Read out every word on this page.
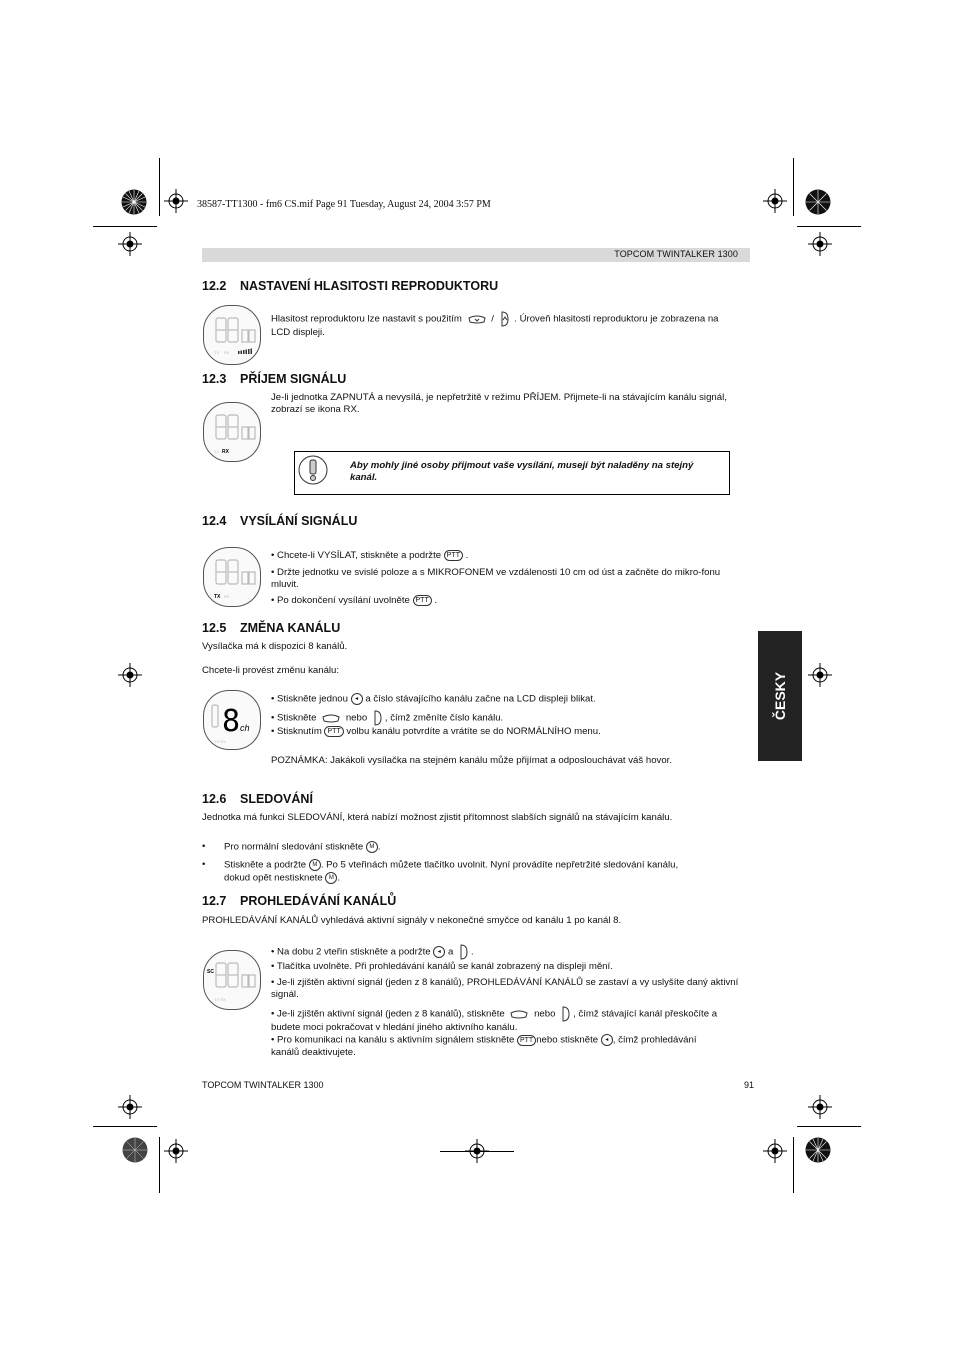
38587-TT1300 - fm6 CS.mif Page 91 Tuesday, August 24, 2004 3:57 PM
TOPCOM TWINTALKER 1300
12.2 NASTAVENÍ HLASITOSTI REPRODUKTORU
TX RX
Hlasitost reproduktoru lze nastavit s použitím	/ . Úroveň hlasitosti reproduktoru je zobrazena na
LCD displeji.
12.3 PŘÍJEM SIGNÁLU
TX RX
Je-li jednotka ZAPNUTÁ a nevysílá, je nepřetržitě v režimu PŘÍJEM. Přijmete-li na stávajícím kanálu signál, zobrazí se ikona RX.
Aby mohly jiné osoby přijmout vaše vysílání, musejí být naladěny na stejný kanál.
12.4 VYSÍLÁNÍ SIGNÁLU
TX RX
• Chcete-li VYSÍLAT, stiskněte a podržte PTT .
• Držte jednotku ve svislé poloze a s MIKROFONEM ve vzdálenosti 10 cm od úst a začněte do mikro-fonu mluvit.
• Po dokončení vysílání uvolněte PTT .
ČESKY
12.5 ZMĚNA KANÁLU
Vysílačka má k dispozici 8 kanálů.
Chcete-li provést změnu kanálu:
8 ch
TX RX
• Stiskněte jednou ◂ a číslo stávajícího kanálu začne na LCD displeji blikat.
• Stiskněte	nebo , čímž změníte číslo kanálu.
• Stisknutím PTT volbu kanálu potvrdíte a vrátíte se do NORMÁLNÍHO menu.
POZNÁMKA: Jakákoli vysílačka na stejném kanálu může přijímat a odposlouchávat váš hovor.
12.6 SLEDOVÁNÍ
Jednotka má funkci SLEDOVÁNÍ, která nabízí možnost zjistit přítomnost slabších signálů na stávajícím kanálu.
• Pro normální sledování stiskněte M .
• Stiskněte a podržte M . Po 5 vteřinách můžete tlačítko uvolnit. Nyní provádíte nepřetržité sledování kanálu,
dokud opět nestisknete M .
12.7 PROHLEDÁVÁNÍ KANÁLŮ
PROHLEDÁVÁNÍ KANÁLŮ vyhledává aktivní signály v nekonečné smyčce od kanálu 1 po kanál 8.
SC
TX RX
• Na dobu 2 vteřin stiskněte a podržte ◂ a .
• Tlačítka uvolněte. Při prohledávání kanálů se kanál zobrazený na displeji mění.
• Je-li zjištěn aktivní signál (jeden z 8 kanálů), PROHLEDÁVÁNÍ KANÁLŮ se zastaví a vy uslyšíte daný aktivní signál.
• Je-li zjištěn aktivní signál (jeden z 8 kanálů), stiskněte	nebo , čímž stávající kanál přeskočíte a
budete moci pokračovat v hledání jiného aktivního kanálu.
• Pro komunikaci na kanálu s aktivním signálem stiskněte PTT nebo stiskněte ◂ , čímž prohledávání
kanálů deaktivujete.
TOPCOM TWINTALKER 1300	91
